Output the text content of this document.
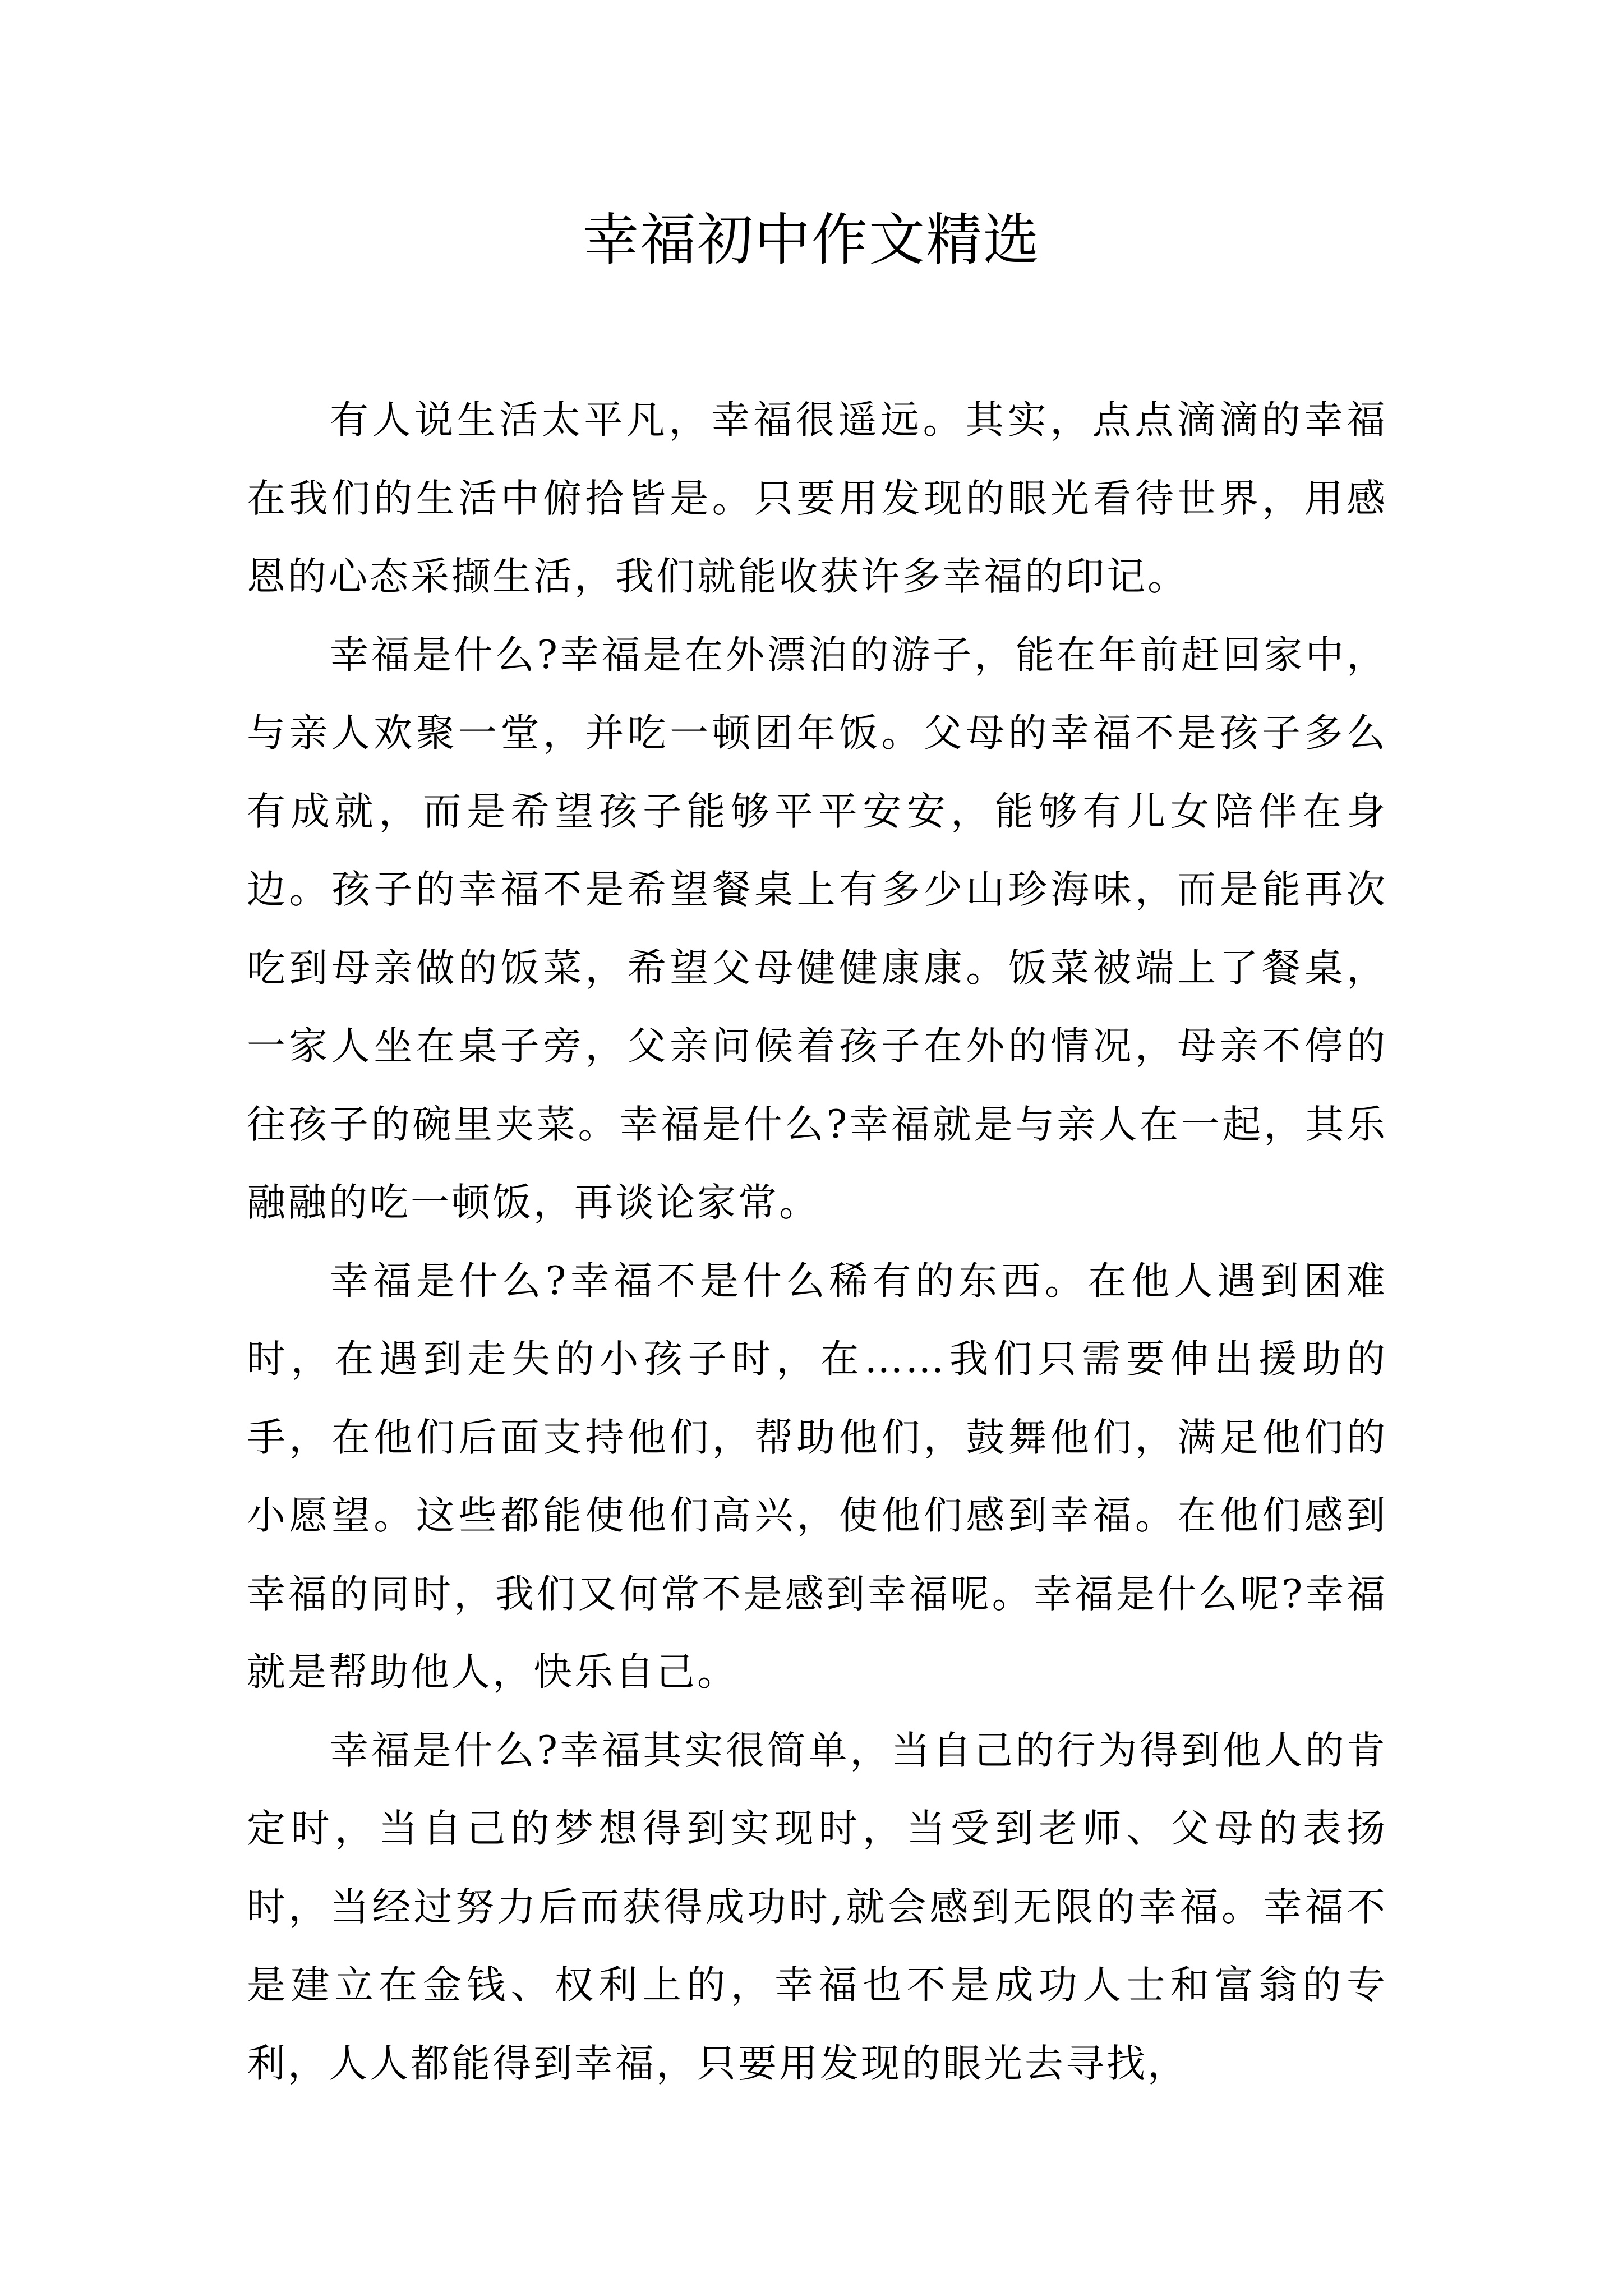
幸福初中作文精选

有人说生活太平凡，幸福很遥远。其实，点点滴滴的幸福在我们的生活中俯拾皆是。只要用发现的眼光看待世界，用感恩的心态采撷生活，我们就能收获许多幸福的印记。

幸福是什么?幸福是在外漂泊的游子，能在年前赶回家中，与亲人欢聚一堂，并吃一顿团年饭。父母的幸福不是孩子多么有成就，而是希望孩子能够平平安安，能够有儿女陪伴在身边。孩子的幸福不是希望餐桌上有多少山珍海味，而是能再次吃到母亲做的饭菜，希望父母健健康康。饭菜被端上了餐桌，一家人坐在桌子旁，父亲问候着孩子在外的情况，母亲不停的往孩子的碗里夹菜。幸福是什么?幸福就是与亲人在一起，其乐融融的吃一顿饭，再谈论家常。

幸福是什么?幸福不是什么稀有的东西。在他人遇到困难时，在遇到走失的小孩子时，在……我们只需要伸出援助的手，在他们后面支持他们，帮助他们，鼓舞他们，满足他们的小愿望。这些都能使他们高兴，使他们感到幸福。在他们感到幸福的同时，我们又何常不是感到幸福呢。幸福是什么呢?幸福就是帮助他人，快乐自己。

幸福是什么?幸福其实很简单，当自己的行为得到他人的肯定时，当自己的梦想得到实现时，当受到老师、父母的表扬时，当经过努力后而获得成功时,就会感到无限的幸福。幸福不是建立在金钱、权利上的，幸福也不是成功人士和富翁的专利，人人都能得到幸福，只要用发现的眼光去寻找，
